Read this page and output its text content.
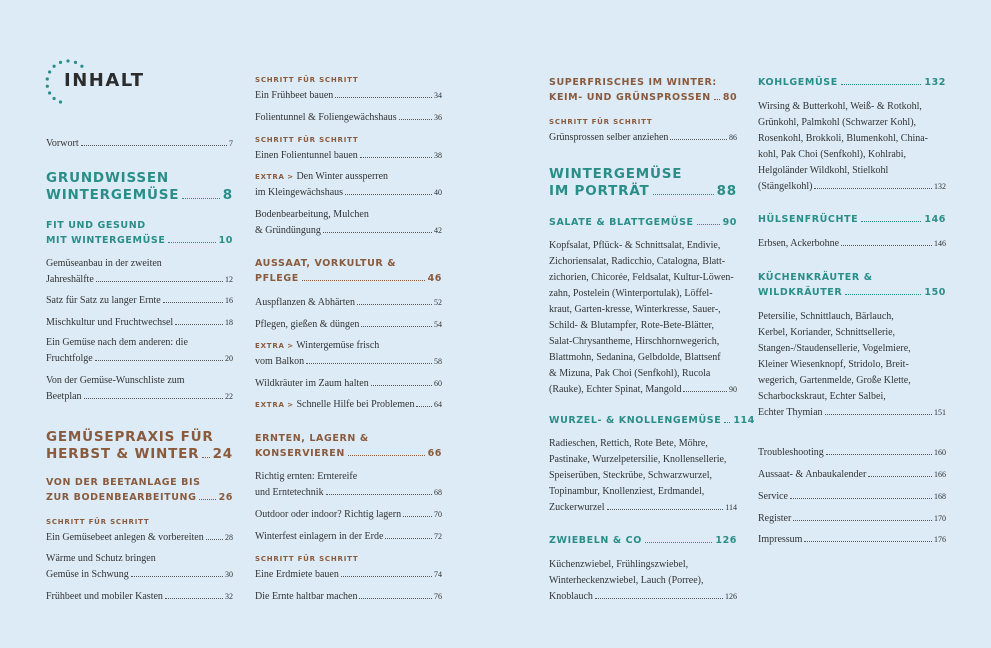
INHALT
Vorwort	7
GRUNDWISSEN
WINTERGEMÜSE	8
FIT UND GESUND
MIT WINTERGEMÜSE	10
Gemüseanbau in der zweiten
Jahreshälfte	12
Satz für Satz zu langer Ernte	16
Mischkultur und Fruchtwechsel	18
Ein Gemüse nach dem anderen: die
Fruchtfolge	20
Von der Gemüse-Wunschliste zum
Beetplan	22
GEMÜSEPRAXIS FÜR
HERBST & WINTER 24
VON DER BEETANLAGE BIS
ZUR BODENBEARBEITUNG 26
SCHRITT FÜR SCHRITT
Ein Gemüsebeet anlegen & vorbereiten	28
Wärme und Schutz bringen
Gemüse in Schwung	30
Frühbeet und mobiler Kasten	32
SCHRITT FÜR SCHRITT
Ein Frühbeet bauen	34
Folientunnel & Foliengewächshaus	36
SCHRITT FÜR SCHRITT
Einen Folientunnel bauen	38
EXTRA > Den Winter aussperren
im Kleingewächshaus	40
Bodenbearbeitung, Mulchen
& Gründüngung	42
AUSSAAT, VORKULTUR &
PFLEGE	46
Auspflanzen & Abhärten	52
Pflegen, gießen & düngen	54
EXTRA > Wintergemüse frisch
vom Balkon	58
Wildkräuter im Zaum halten	60
EXTRA
>
Schnelle Hilfe bei Problemen 64
ERNTEN, LAGERN &
KONSERVIEREN	66
Richtig ernten: Erntereife
und Erntetechnik	68
Outdoor oder indoor? Richtig lagern	70
Winterfest einlagern in der Erde	72
SCHRITT FÜR SCHRITT
Eine Erdmiete bauen	74
Die Ernte haltbar machen	76
SUPERFRISCHES IM WINTER:
KEIM- UND GRÜNSPROSSEN 80
SCHRITT FÜR SCHRITT
Grünsprossen selber anziehen	86
WINTERGEMÜSE
IM PORTRÄT	88
SALATE & BLATTGEMÜSE	90
Kopfsalat, Pflück- & Schnittsalat, Endivie,
Zichoriensalat, Radicchio, Catalogna, Blatt-
zichorien, Chicorée, Feldsalat, Kultur-Löwen-
zahn, Postelein (Winterportulak), Löffel-
kraut, Garten-kresse, Winterkresse, Sauer-,
Schild- & Blutampfer, Rote-Bete-Blätter,
Salat-Chrysantheme, Hirschhornwegerich,
Blattmohn, Sedanina, Gelbdolde, Blattsenf
& Mizuna, Pak Choi (Senfkohl), Rucola
(Rauke), Echter Spinat, Mangold	90
WURZEL- & KNOLLENGEMÜSE 114
Radieschen, Rettich, Rote Bete, Möhre,
Pastinake, Wurzelpetersilie, Knollensellerie,
Speiserüben, Steckrübe, Schwarzwurzel,
Topinambur, Knollenziest, Erdmandel,
Zuckerwurzel	114
ZWIEBELN & CO	126
Küchenzwiebel, Frühlingszwiebel,
Winterheckenzwiebel, Lauch (Porree),
Knoblauch	126
KOHLGEMÜSE	132
Wirsing & Butterkohl, Weiß- & Rotkohl,
Grünkohl, Palmkohl (Schwarzer Kohl),
Rosenkohl, Brokkoli, Blumenkohl, China-
kohl, Pak Choi (Senfkohl), Kohlrabi,
Helgoländer Wildkohl, Stielkohl
(Stängelkohl)	132
HÜLSENFRÜCHTE	146
Erbsen, Ackerbohne	146
KÜCHENKRÄUTER &
WILDKRÄUTER	150
Petersilie, Schnittlauch, Bärlauch,
Kerbel, Koriander, Schnittsellerie,
Stangen-/Staudensellerie, Vogelmiere,
Kleiner Wiesenknopf, Stridolo, Breit-
wegerich, Gartenmelde, Große Klette,
Scharbockskraut, Echter Salbei,
Echter Thymian	151
Troubleshooting	160
Aussaat- & Anbaukalender	166
Service	168
Register	170
Impressum	176
